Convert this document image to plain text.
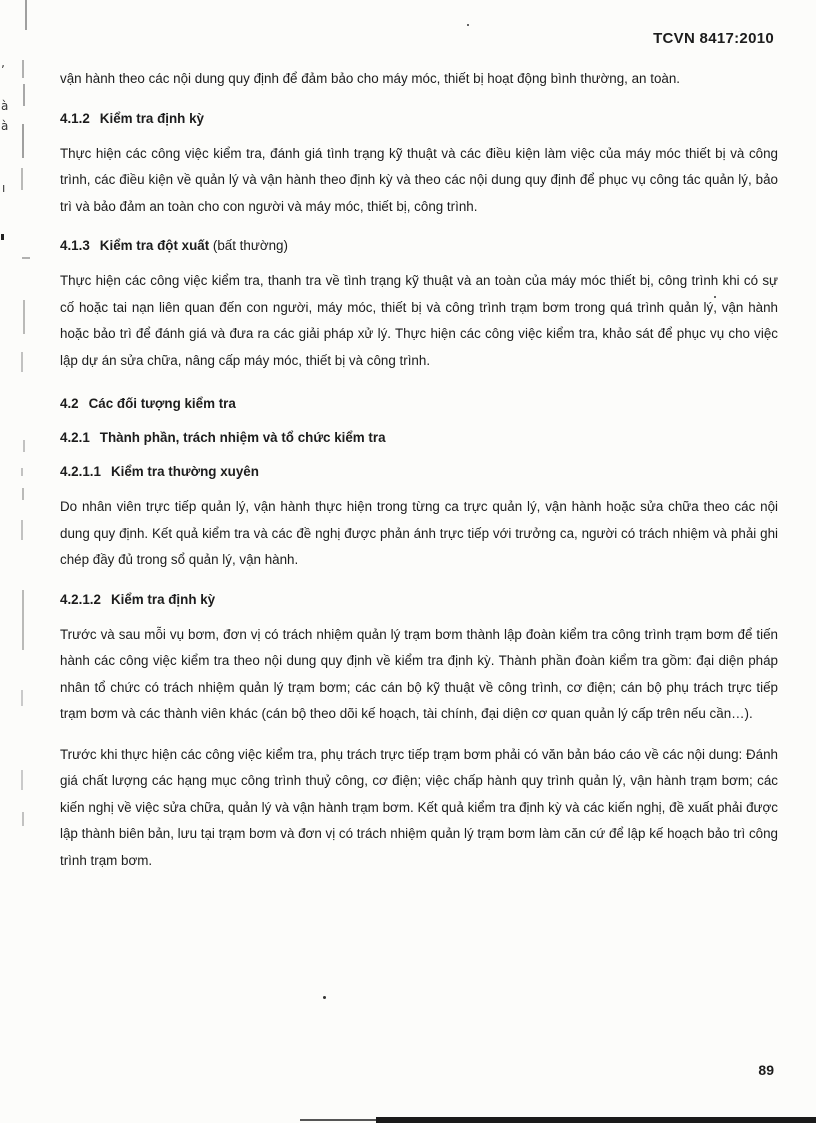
ʼ
à
à
ı
TCVN 8417:2010

vận hành theo các nội dung quy định để đảm bảo cho máy móc, thiết bị hoạt động bình thường, an toàn.

4.1.2 Kiểm tra định kỳ

Thực hiện các công việc kiểm tra, đánh giá tình trạng kỹ thuật và các điều kiện làm việc của máy móc thiết bị và công trình, các điều kiện về quản lý và vận hành theo định kỳ và theo các nội dung quy định để phục vụ công tác quản lý, bảo trì và bảo đảm an toàn cho con người và máy móc, thiết bị, công trình.

4.1.3 Kiểm tra đột xuất (bất thường)

Thực hiện các công việc kiểm tra, thanh tra về tình trạng kỹ thuật và an toàn của máy móc thiết bị, công trình khi có sự cố hoặc tai nạn liên quan đến con người, máy móc, thiết bị và công trình trạm bơm trong quá trình quản lý, vận hành hoặc bảo trì để đánh giá và đưa ra các giải pháp xử lý. Thực hiện các công việc kiểm tra, khảo sát để phục vụ cho việc lập dự án sửa chữa, nâng cấp máy móc, thiết bị và công trình.

4.2 Các đối tượng kiểm tra
4.2.1 Thành phần, trách nhiệm và tổ chức kiểm tra
4.2.1.1 Kiểm tra thường xuyên

Do nhân viên trực tiếp quản lý, vận hành thực hiện trong từng ca trực quản lý, vận hành hoặc sửa chữa theo các nội dung quy định. Kết quả kiểm tra và các đề nghị được phản ánh trực tiếp với trưởng ca, người có trách nhiệm và phải ghi chép đầy đủ trong sổ quản lý, vận hành.

4.2.1.2 Kiểm tra định kỳ

Trước và sau mỗi vụ bơm, đơn vị có trách nhiệm quản lý trạm bơm thành lập đoàn kiểm tra công trình trạm bơm để tiến hành các công việc kiểm tra theo nội dung quy định về kiểm tra định kỳ. Thành phần đoàn kiểm tra gồm: đại diện pháp nhân tổ chức có trách nhiệm quản lý trạm bơm; các cán bộ kỹ thuật về công trình, cơ điện; cán bộ phụ trách trực tiếp trạm bơm và các thành viên khác (cán bộ theo dõi kế hoạch, tài chính, đại diện cơ quan quản lý cấp trên nếu cần…).

Trước khi thực hiện các công việc kiểm tra, phụ trách trực tiếp trạm bơm phải có văn bản báo cáo về các nội dung: Đánh giá chất lượng các hạng mục công trình thuỷ công, cơ điện; việc chấp hành quy trình quản lý, vận hành trạm bơm; các kiến nghị về việc sửa chữa, quản lý và vận hành trạm bơm. Kết quả kiểm tra định kỳ và các kiến nghị, đề xuất phải được lập thành biên bản, lưu tại trạm bơm và đơn vị có trách nhiệm quản lý trạm bơm làm căn cứ để lập kế hoạch bảo trì công trình trạm bơm.

89
